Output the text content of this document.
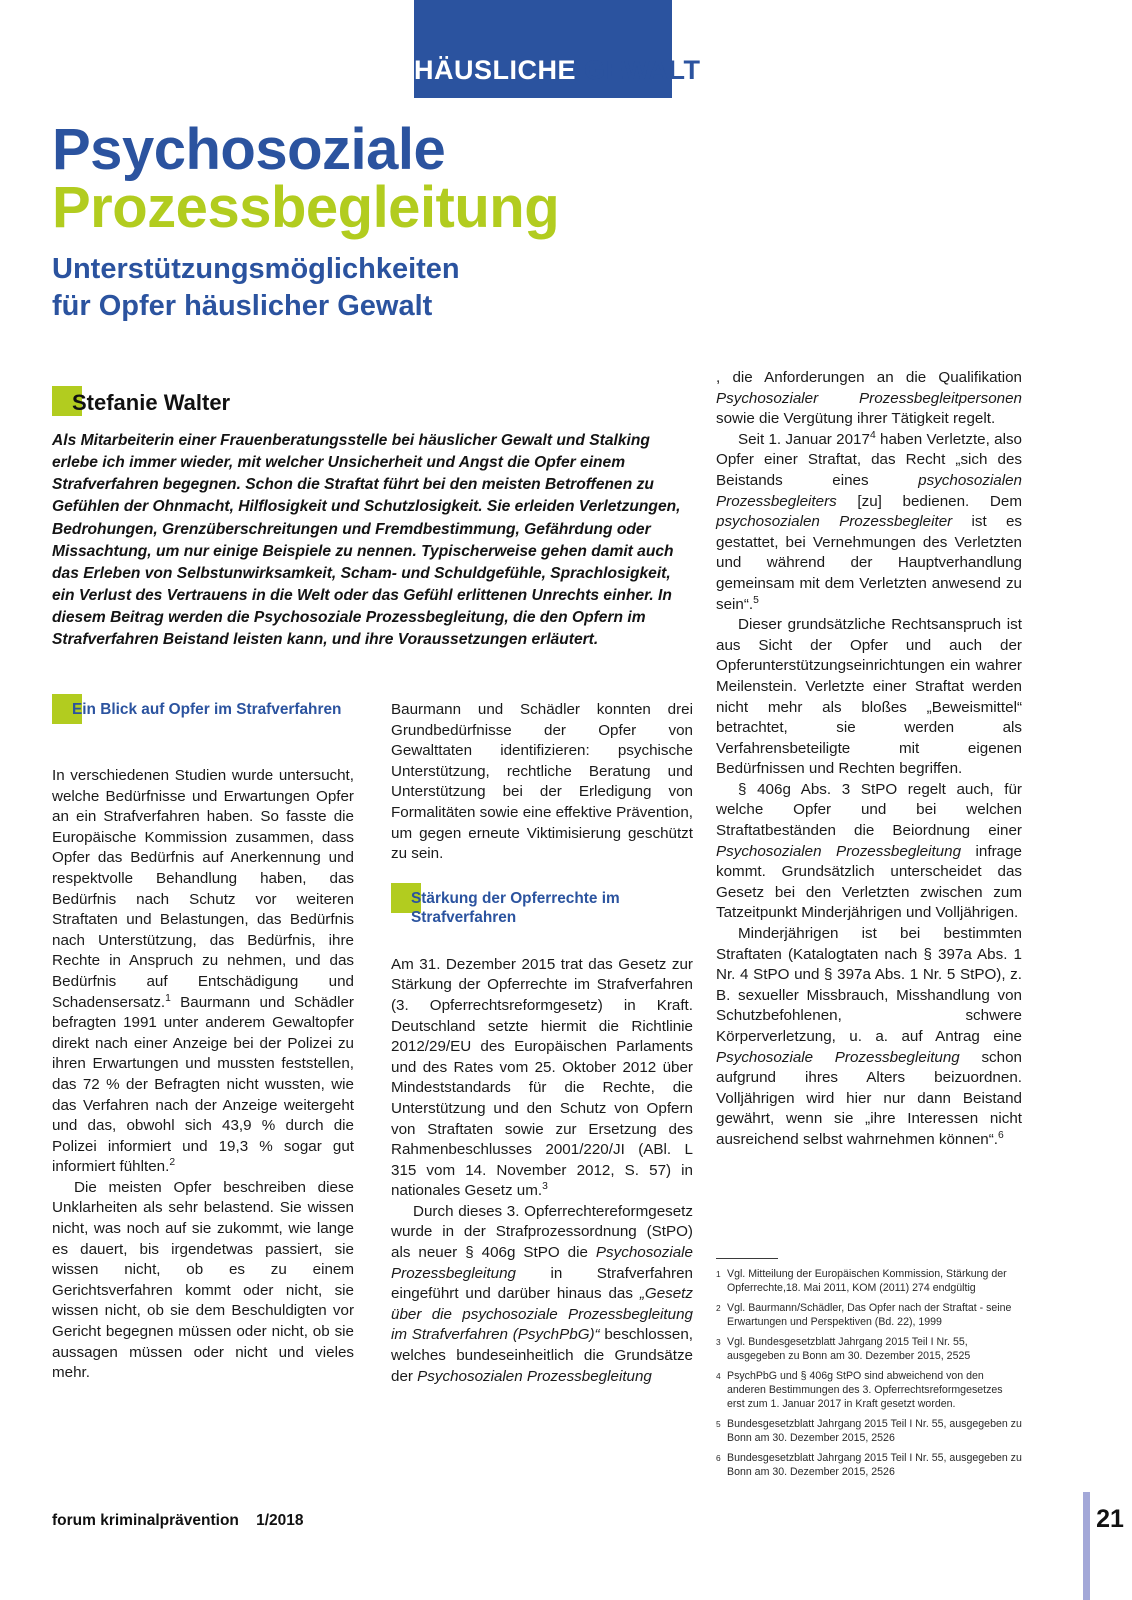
HÄUSLICHE GEWALT
Psychosoziale
Prozessbegleitung
Unterstützungsmöglichkeiten
für Opfer häuslicher Gewalt
Stefanie Walter
Als Mitarbeiterin einer Frauenberatungsstelle bei häuslicher Gewalt und Stalking erlebe ich immer wieder, mit welcher Unsicherheit und Angst die Opfer einem Strafverfahren begegnen. Schon die Straftat führt bei den meisten Betroffenen zu Gefühlen der Ohnmacht, Hilflosigkeit und Schutzlosigkeit. Sie erleiden Verletzungen, Bedrohungen, Grenzüberschreitungen und Fremdbestimmung, Gefährdung oder Missachtung, um nur einige Beispiele zu nennen. Typischerweise gehen damit auch das Erleben von Selbstunwirksamkeit, Scham- und Schuldgefühle, Sprachlosigkeit, ein Verlust des Vertrauens in die Welt oder das Gefühl erlittenen Unrechts einher. In diesem Beitrag werden die Psychosoziale Prozessbegleitung, die den Opfern im Strafverfahren Beistand leisten kann, und ihre Voraussetzungen erläutert.
Ein Blick auf Opfer im Strafverfahren

In verschiedenen Studien wurde untersucht, welche Bedürfnisse und Erwartungen Opfer an ein Strafverfahren haben. So fasste die Europäische Kommission zusammen, dass Opfer das Bedürfnis auf Anerkennung und respektvolle Behandlung haben, das Bedürfnis nach Schutz vor weiteren Straftaten und Belastungen, das Bedürfnis nach Unterstützung, das Bedürfnis, ihre Rechte in Anspruch zu nehmen, und das Bedürfnis auf Entschädigung und Schadensersatz.$^1$ Baurmann und Schädler befragten 1991 unter anderem Gewaltopfer direkt nach einer Anzeige bei der Polizei zu ihren Erwartungen und mussten feststellen, das 72 % der Befragten nicht wussten, wie das Verfahren nach der Anzeige weitergeht und das, obwohl sich 43,9 % durch die Polizei informiert und 19,3 % sogar gut informiert fühlten.$^2$

Die meisten Opfer beschreiben diese Unklarheiten als sehr belastend. Sie wissen nicht, was noch auf sie zukommt, wie lange es dauert, bis irgendetwas passiert, sie wissen nicht, ob es zu einem Gerichtsverfahren kommt oder nicht, sie wissen nicht, ob sie dem Beschuldigten vor Gericht begegnen müssen oder nicht, ob sie aussagen müssen oder nicht und vieles mehr.

Baurmann und Schädler konnten drei Grundbedürfnisse der Opfer von Gewalttaten identifizieren: psychische Unterstützung, rechtliche Beratung und Unterstützung bei der Erledigung von Formalitäten sowie eine effektive Prävention, um gegen erneute Viktimisierung geschützt zu sein.

Stärkung der Opferrechte im Strafverfahren

Am 31. Dezember 2015 trat das Gesetz zur Stärkung der Opferrechte im Strafverfahren (3. Opferrechtsreformgesetz) in Kraft. Deutschland setzte hiermit die Richtlinie 2012/29/EU des Europäischen Parlaments und des Rates vom 25. Oktober 2012 über Mindeststandards für die Rechte, die Unterstützung und den Schutz von Opfern von Straftaten sowie zur Ersetzung des Rahmenbeschlusses 2001/220/JI (ABl. L 315 vom 14. November 2012, S. 57) in nationales Gesetz um.$^3$

Durch dieses 3. Opferrechtereformgesetz wurde in der Strafprozessordnung (StPO) als neuer § 406g StPO die Psychosoziale Prozessbegleitung in Strafverfahren eingeführt und darüber hinaus das „Gesetz über die psychosoziale Prozessbegleitung im Strafverfahren (PsychPbG)“ beschlossen, welches bundeseinheitlich die Grundsätze der Psychosozialen Prozessbegleitung

, die Anforderungen an die Qualifikation Psychosozialer Prozessbegleitpersonen sowie die Vergütung ihrer Tätigkeit regelt.

Seit 1. Januar 2017$^4$ haben Verletzte, also Opfer einer Straftat, das Recht „sich des Beistands eines psychosozialen Prozessbegleiters [zu] bedienen. Dem psychosozialen Prozessbegleiter ist es gestattet, bei Vernehmungen des Verletzten und während der Hauptverhandlung gemeinsam mit dem Verletzten anwesend zu sein“.$^5$

Dieser grundsätzliche Rechtsanspruch ist aus Sicht der Opfer und auch der Opferunterstützungseinrichtungen ein wahrer Meilenstein. Verletzte einer Straftat werden nicht mehr als bloßes „Beweismittel“ betrachtet, sie werden als Verfahrensbeteiligte mit eigenen Bedürfnissen und Rechten begriffen.

§ 406g Abs. 3 StPO regelt auch, für welche Opfer und bei welchen Straftatbeständen die Beiordnung einer Psychosozialen Prozessbegleitung infrage kommt. Grundsätzlich unterscheidet das Gesetz bei den Verletzten zwischen zum Tatzeitpunkt Minderjährigen und Volljährigen.

Minderjährigen ist bei bestimmten Straftaten (Katalogtaten nach § 397a Abs. 1 Nr. 4 StPO und § 397a Abs. 1 Nr. 5 StPO), z. B. sexueller Missbrauch, Misshandlung von Schutzbefohlenen, schwere Körperverletzung, u. a. auf Antrag eine Psychosoziale Prozessbegleitung schon aufgrund ihres Alters beizuordnen. Volljährigen wird hier nur dann Beistand gewährt, wenn sie „ihre Interessen nicht ausreichend selbst wahrnehmen können“.$^6$

1 Vgl. Mitteilung der Europäischen Kommission, Stärkung der Opferrechte,18. Mai 2011, KOM (2011) 274 endgültig
2 Vgl. Baurmann/Schädler, Das Opfer nach der Straftat - seine Erwartungen und Perspektiven (Bd. 22), 1999
3 Vgl. Bundesgesetzblatt Jahrgang 2015 Teil I Nr. 55, ausgegeben zu Bonn am 30. Dezember 2015, 2525
4 PsychPbG und § 406g StPO sind abweichend von den anderen Bestimmungen des 3. Opferrechtsreformgesetzes erst zum 1. Januar 2017 in Kraft gesetzt worden.
5 Bundesgesetzblatt Jahrgang 2015 Teil I Nr. 55, ausgegeben zu Bonn am 30. Dezember 2015, 2526
6 Bundesgesetzblatt Jahrgang 2015 Teil I Nr. 55, ausgegeben zu Bonn am 30. Dezember 2015, 2526
forum kriminalprävention    1/2018	21
